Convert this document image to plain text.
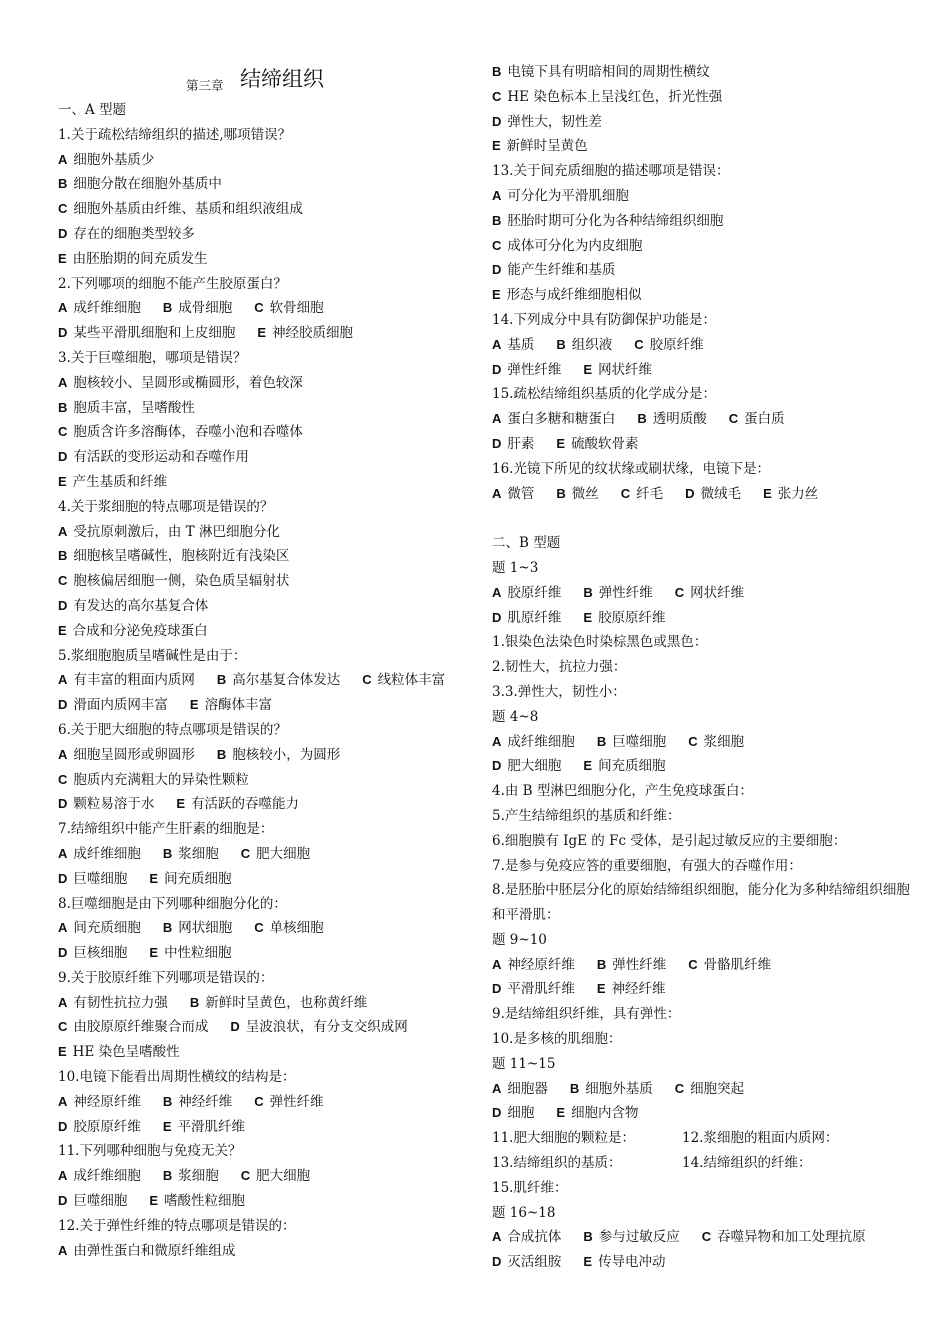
第三章 结缔组织
一、A 型题
1.关于疏松结缔组织的描述,哪项错误？
A 细胞外基质少
B 细胞分散在细胞外基质中
C 细胞外基质由纤维、基质和组织液组成
D 存在的细胞类型较多
E 由胚胎期的间充质发生
2.下列哪项的细胞不能产生胶原蛋白？
A 成纤维细胞 B 成骨细胞 C 软骨细胞
D 某些平滑肌细胞和上皮细胞 E 神经胶质细胞
3.关于巨噬细胞，哪项是错误？
A 胞核较小、呈圆形或椭圆形，着色较深
B 胞质丰富，呈嗜酸性
C 胞质含许多溶酶体，吞噬小泡和吞噬体
D 有活跃的变形运动和吞噬作用
E 产生基质和纤维
4.关于浆细胞的特点哪项是错误的？
A 受抗原刺激后，由 T 淋巴细胞分化
B 细胞核呈嗜碱性，胞核附近有浅染区
C 胞核偏居细胞一侧，染色质呈辐射状
D 有发达的高尔基复合体
E 合成和分泌免疫球蛋白
5.浆细胞胞质呈嗜碱性是由于：
A 有丰富的粗面内质网 B 高尔基复合体发达 C 线粒体丰富
D 滑面内质网丰富 E 溶酶体丰富
6.关于肥大细胞的特点哪项是错误的？
A 细胞呈圆形或卵圆形 B 胞核较小，为圆形
C 胞质内充满粗大的异染性颗粒
D 颗粒易溶于水 E 有活跃的吞噬能力
7.结缔组织中能产生肝素的细胞是：
A 成纤维细胞 B 浆细胞 C 肥大细胞
D 巨噬细胞 E 间充质细胞
8.巨噬细胞是由下列哪种细胞分化的：
A 间充质细胞 B 网状细胞 C 单核细胞
D 巨核细胞 E 中性粒细胞
9.关于胶原纤维下列哪项是错误的：
A 有韧性抗拉力强 B 新鲜时呈黄色，也称黄纤维
C 由胶原原纤维聚合而成 D 呈波浪状，有分支交织成网
E HE 染色呈嗜酸性
10.电镜下能看出周期性横纹的结构是：
A 神经原纤维 B 神经纤维 C 弹性纤维
D 胶原原纤维 E 平滑肌纤维
11.下列哪种细胞与免疫无关？
A 成纤维细胞 B 浆细胞 C 肥大细胞
D 巨噬细胞 E 嗜酸性粒细胞
12.关于弹性纤维的特点哪项是错误的：
A 由弹性蛋白和微原纤维组成
B 电镜下具有明暗相间的周期性横纹
C HE 染色标本上呈浅红色，折光性强
D 弹性大，韧性差
E 新鲜时呈黄色
13.关于间充质细胞的描述哪项是错误：
A 可分化为平滑肌细胞
B 胚胎时期可分化为各种结缔组织细胞
C 成体可分化为内皮细胞
D 能产生纤维和基质
E 形态与成纤维细胞相似
14.下列成分中具有防御保护功能是：
A 基质 B 组织液 C 胶原纤维
D 弹性纤维 E 网状纤维
15.疏松结缔组织基质的化学成分是：
A 蛋白多糖和糖蛋白 B 透明质酸 C 蛋白质
D 肝素 E 硫酸软骨素
16.光镜下所见的纹状缘或刷状缘，电镜下是：
A 微管 B 微丝 C 纤毛 D 微绒毛 E 张力丝
二、B 型题
题 1~3
A 胶原纤维 B 弹性纤维 C 网状纤维
D 肌原纤维 E 胶原原纤维
1.银染色法染色时染棕黑色或黑色：
2.韧性大，抗拉力强：
3.3.弹性大，韧性小：
题 4~8
A 成纤维细胞 B 巨噬细胞 C 浆细胞
D 肥大细胞 E 间充质细胞
4.由 B 型淋巴细胞分化，产生免疫球蛋白：
5.产生结缔组织的基质和纤维：
6.细胞膜有 IgE 的 Fc 受体，是引起过敏反应的主要细胞：
7.是参与免疫应答的重要细胞，有强大的吞噬作用：
8.是胚胎中胚层分化的原始结缔组织细胞，能分化为多种结缔组织细胞和平滑肌：
题 9~10
A 神经原纤维 B 弹性纤维 C 骨骼肌纤维
D 平滑肌纤维 E 神经纤维
9.是结缔组织纤维，具有弹性：
10.是多核的肌细胞：
题 11~15
A 细胞器 B 细胞外基质 C 细胞突起
D 细胞 E 细胞内含物
11.肥大细胞的颗粒是：	12.浆细胞的粗面内质网：
13.结缔组织的基质：	14.结缔组织的纤维：
15.肌纤维：
题 16~18
A 合成抗体 B 参与过敏反应 C 吞噬异物和加工处理抗原
D 灭活组胺 E 传导电冲动
